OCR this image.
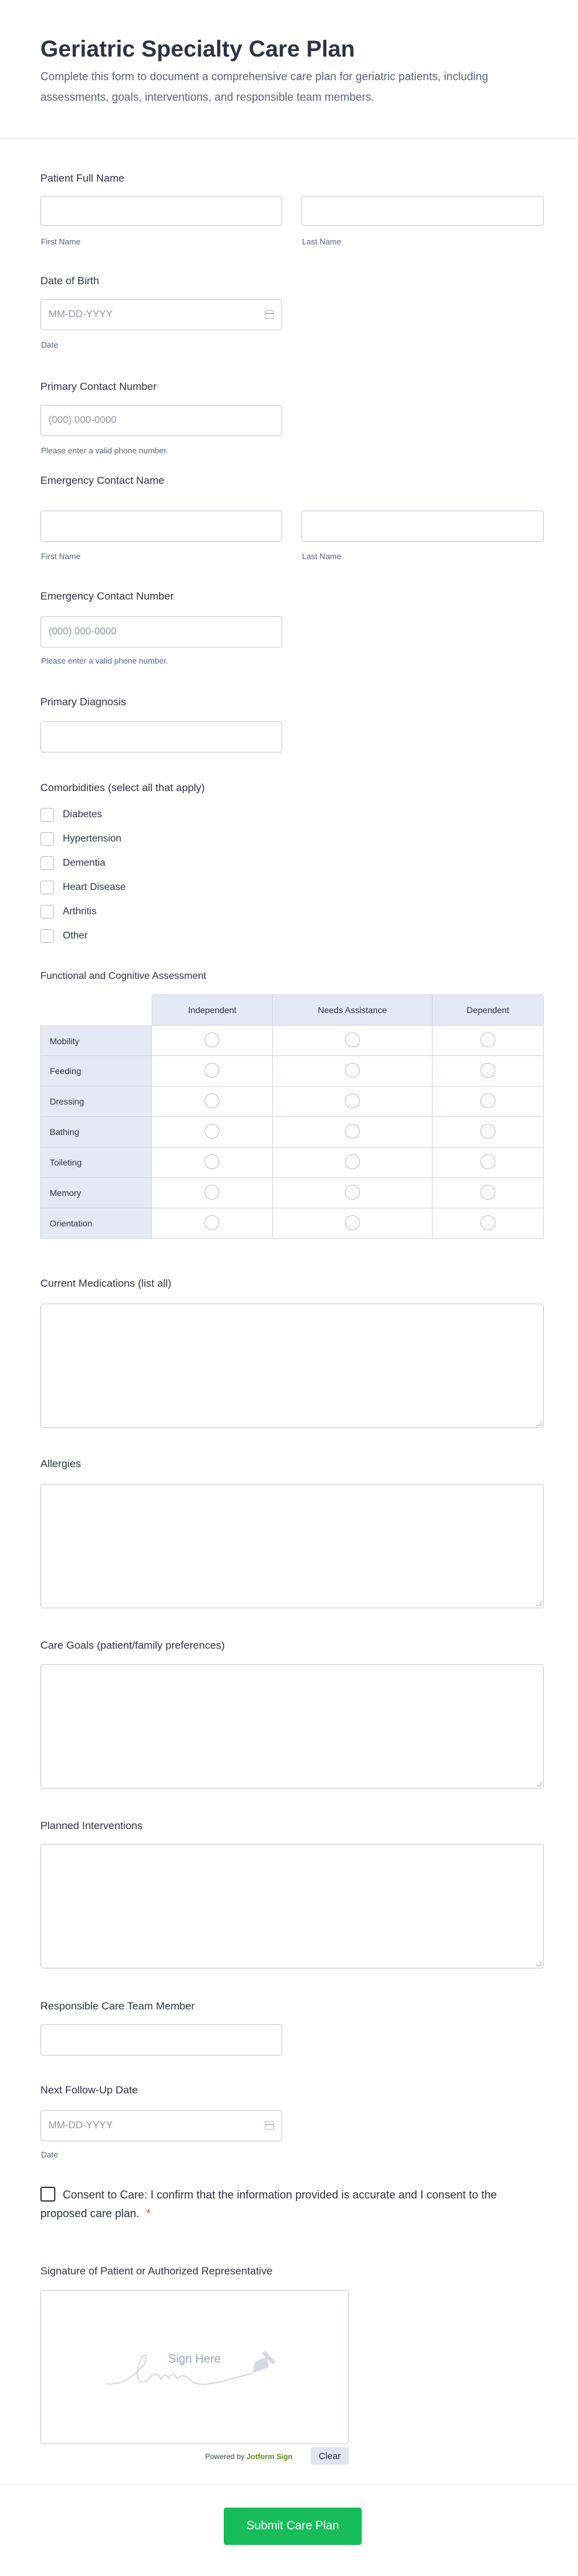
Geriatric Specialty Care Plan
Complete this form to document a comprehensive care plan for geriatric patients, including assessments, goals, interventions, and responsible team members.
Patient Full Name
First Name	Last Name
Date of Birth
MM-DD-YYYY
Date
Primary Contact Number
(000) 000-0000
Please enter a valid phone number.
Emergency Contact Name
First Name	Last Name
Emergency Contact Number
(000) 000-0000
Please enter a valid phone number.
Primary Diagnosis
Comorbidities (select all that apply)
Diabetes
Hypertension
Dementia
Heart Disease
Arthritis
Other
Functional and Cognitive Assessment
	Independent	Needs Assistance	Dependent
Mobility			
Feeding			
Dressing			
Bathing			
Toileting			
Memory			
Orientation			
Current Medications (list all)
Allergies
Care Goals (patient/family preferences)
Planned Interventions
Responsible Care Team Member
Next Follow-Up Date
MM-DD-YYYY
Date
Consent to Care: I confirm that the information provided is accurate and I consent to the proposed care plan. *
Signature of Patient or Authorized Representative
Sign Here
Powered by Jotform Sign	Clear
Submit Care Plan
